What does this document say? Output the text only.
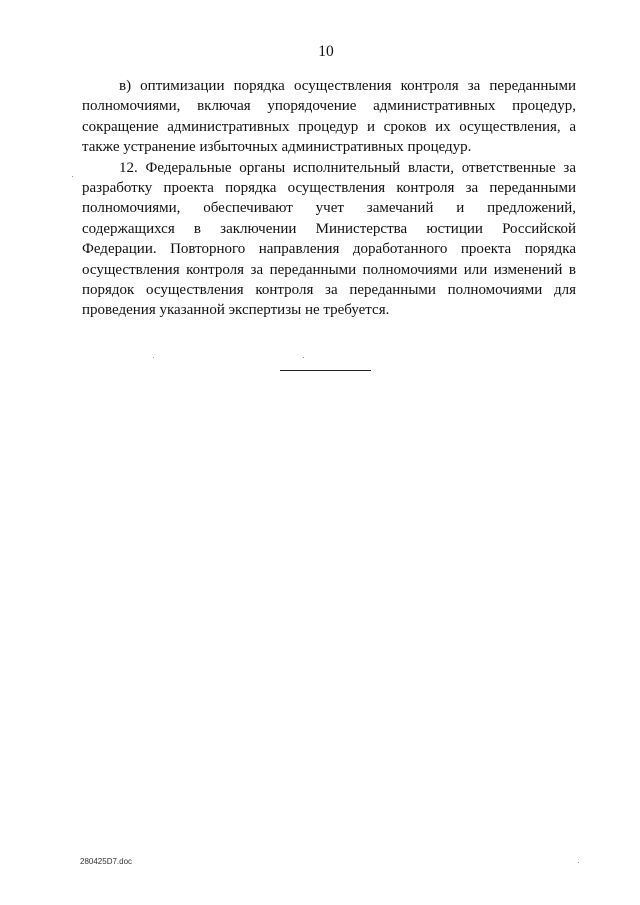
10

в) оптимизации порядка осуществления контроля за переданными полномочиями, включая упорядочение административных процедур, сокращение административных процедур и сроков их осуществления, а также устранение избыточных административных процедур.

12. Федеральные органы исполнительный власти, ответственные за разработку проекта порядка осуществления контроля за переданными полномочиями, обеспечивают учет замечаний и предложений, содержащихся в заключении Министерства юстиции Российской Федерации. Повторного направления доработанного проекта порядка осуществления контроля за переданными полномочиями или изменений в порядок осуществления контроля за переданными полномочиями для проведения указанной экспертизы не требуется.

280425D7.doc
